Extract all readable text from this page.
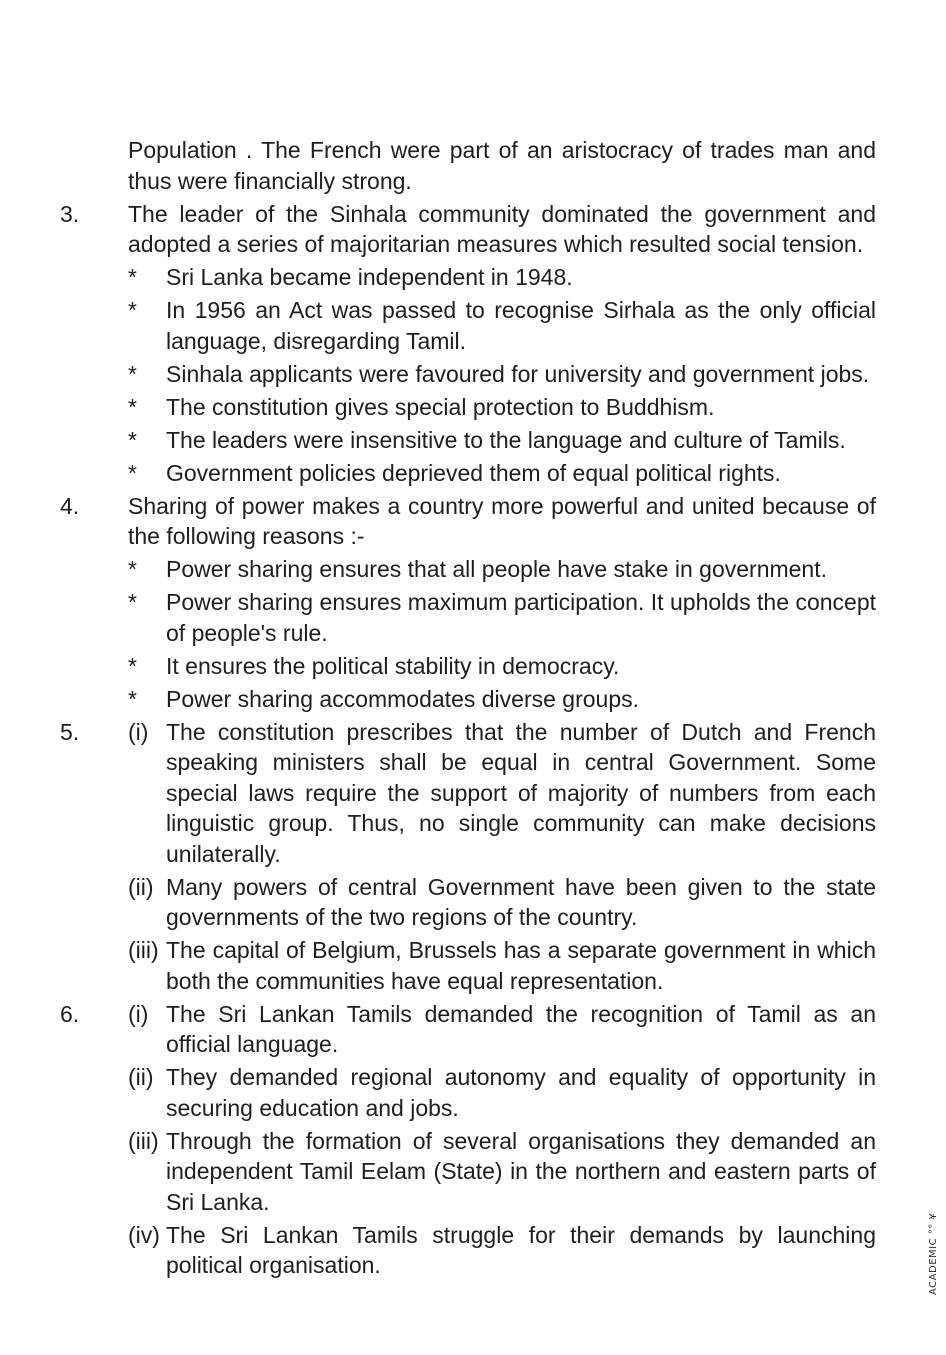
Population . The French were part of an aristocracy of trades man and thus were financially strong.
3. The leader of the Sinhala community dominated the government and adopted a series of majoritarian measures which resulted social tension.
* Sri Lanka became independent in 1948.
* In 1956 an Act was passed to recognise Sirhala as the only official language, disregarding Tamil.
* Sinhala applicants were favoured for university and government jobs.
* The constitution gives special protection to Buddhism.
* The leaders were insensitive to the language and culture of Tamils.
* Government policies deprieved them of equal political rights.
4. Sharing of power makes a country more powerful and united because of the following reasons :-
* Power sharing ensures that all people have stake in government.
* Power sharing ensures maximum participation. It upholds the concept of people's rule.
* It ensures the political stability in democracy.
* Power sharing accommodates diverse groups.
5. (i) The constitution prescribes that the number of Dutch and French speaking ministers shall be equal in central Government. Some special laws require the support of majority of numbers from each linguistic group. Thus, no single community can make decisions unilaterally.
(ii) Many powers of central Government have been given to the state governments of the two regions of the country.
(iii) The capital of Belgium, Brussels has a separate government in which both the communities have equal representation.
6. (i) The Sri Lankan Tamils demanded the recognition of Tamil as an official language.
(ii) They demanded regional autonomy and equality of opportunity in securing education and jobs.
(iii) Through the formation of several organisations they demanded an independent Tamil Eelam (State) in the northern and eastern parts of Sri Lanka.
(iv) The Sri Lankan Tamils struggle for their demands by launching political organisation.	ACADEMIC °° ¥
